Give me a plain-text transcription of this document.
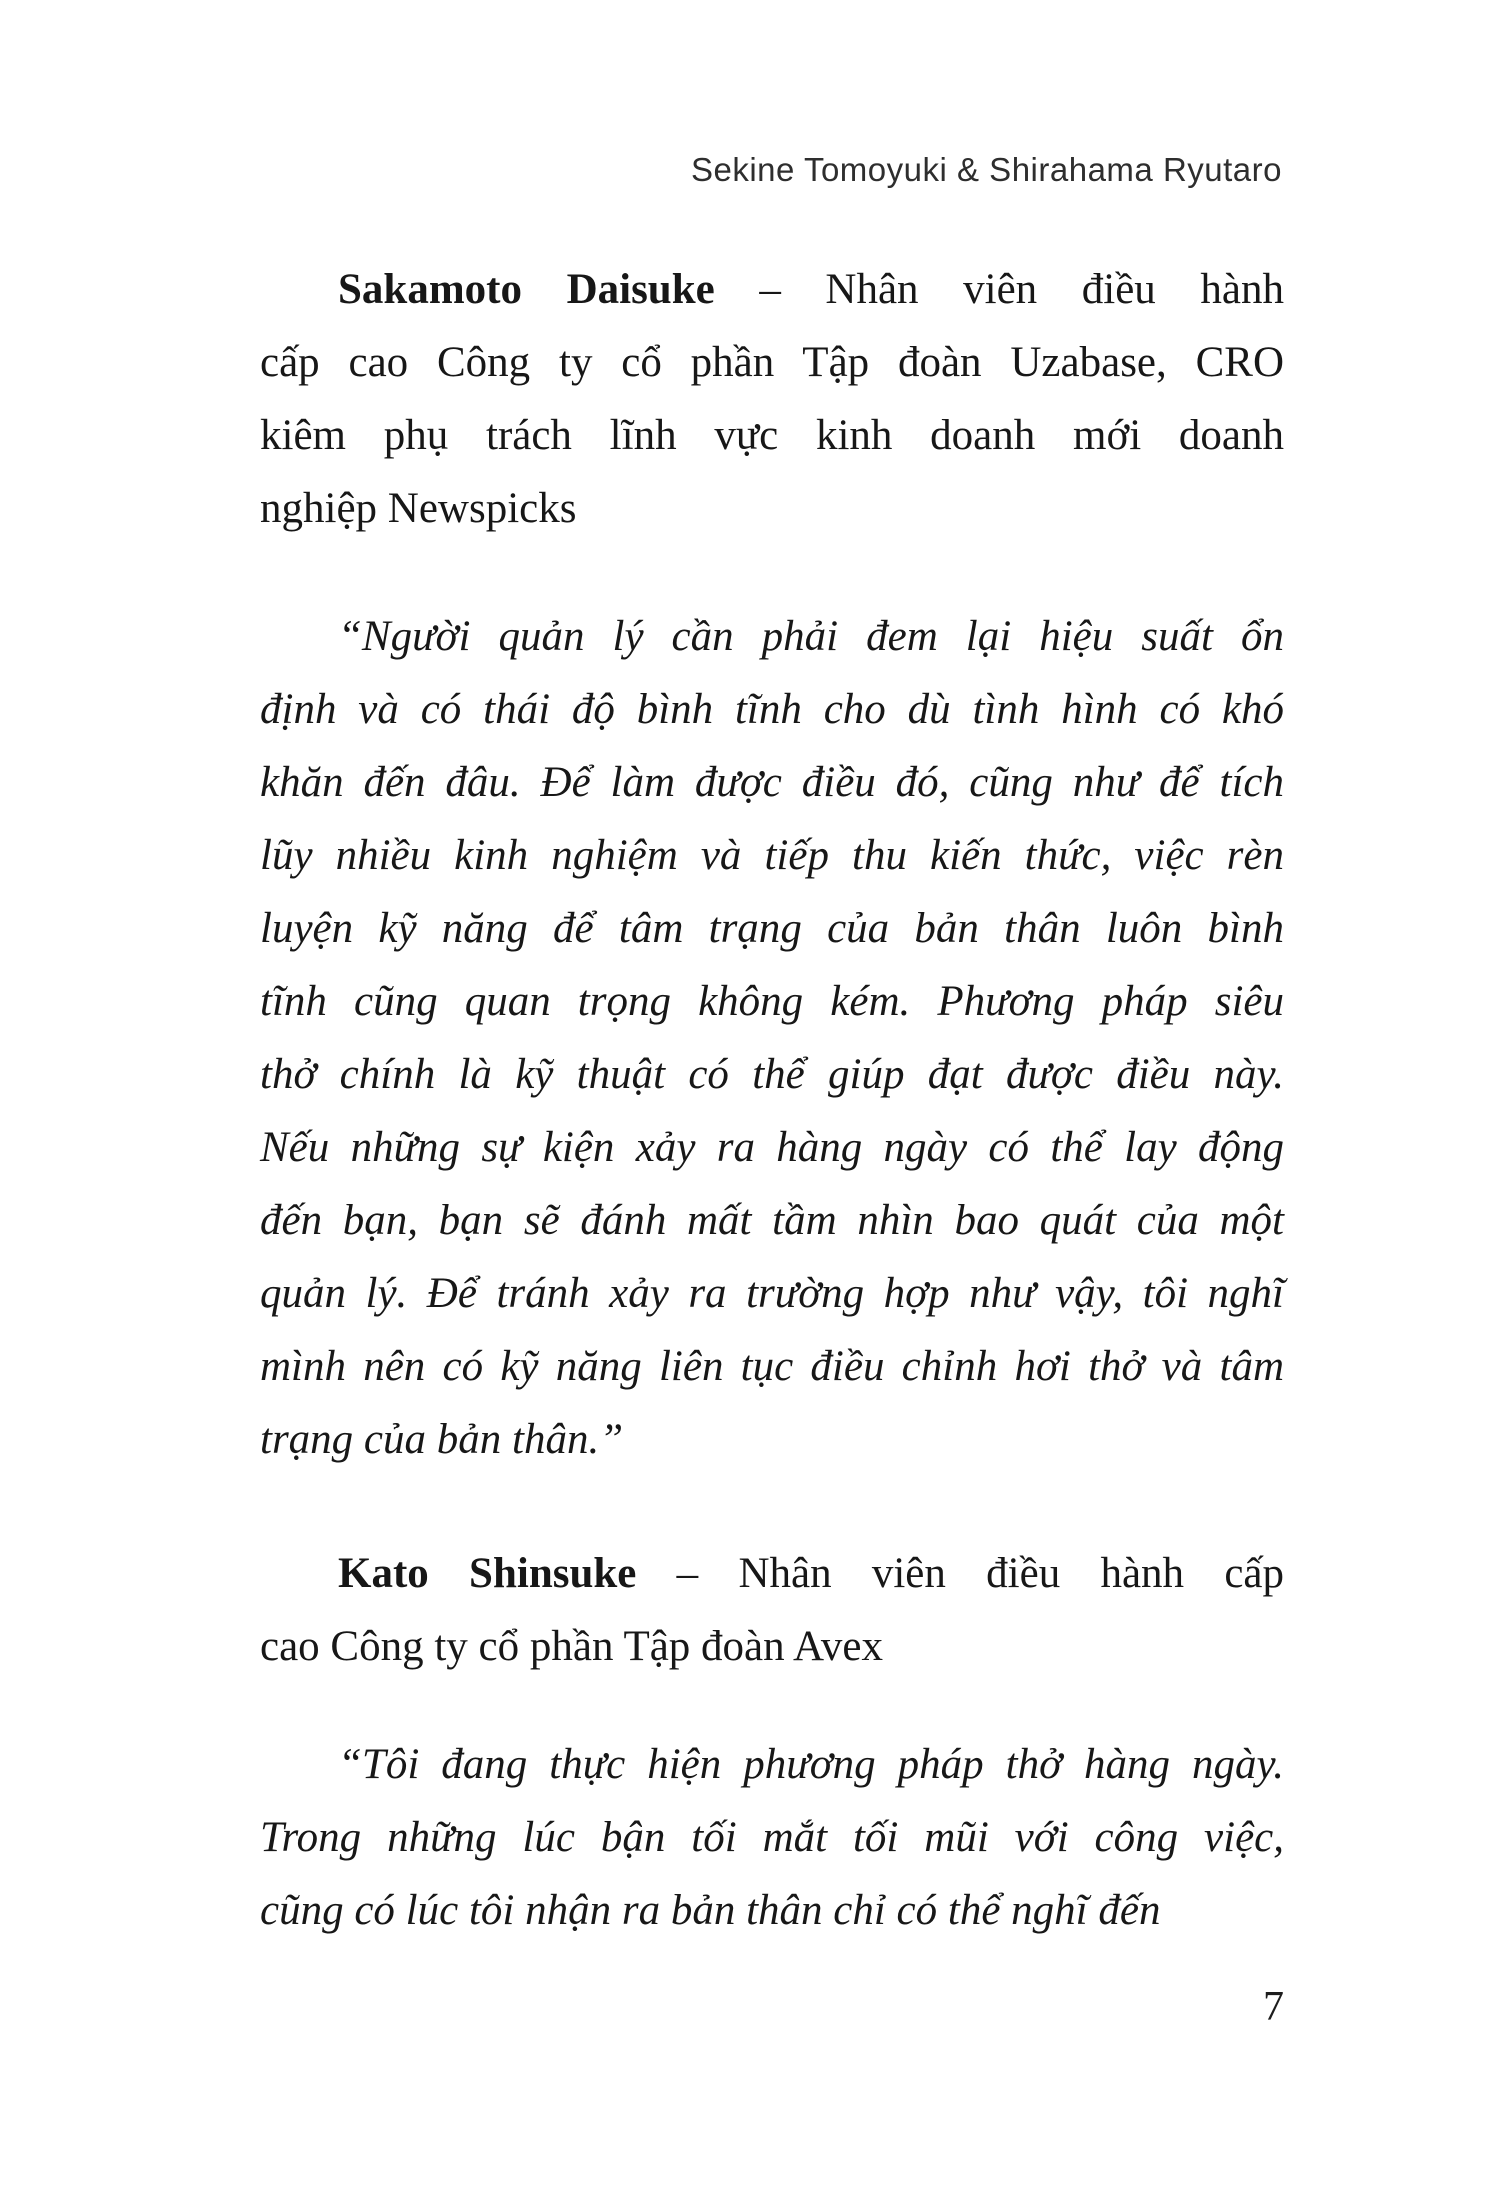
Sekine Tomoyuki & Shirahama Ryutaro
Sakamoto Daisuke – Nhân viên điều hành
cấp cao Công ty cổ phần Tập đoàn Uzabase, CRO
kiêm phụ trách lĩnh vực kinh doanh mới doanh
nghiệp Newspicks
“Người quản lý cần phải đem lại hiệu suất ổn
định và có thái độ bình tĩnh cho dù tình hình có khó
khăn đến đâu. Để làm được điều đó, cũng như để tích
lũy nhiều kinh nghiệm và tiếp thu kiến thức, việc rèn
luyện kỹ năng để tâm trạng của bản thân luôn bình
tĩnh cũng quan trọng không kém. Phương pháp siêu
thở chính là kỹ thuật có thể giúp đạt được điều này.
Nếu những sự kiện xảy ra hàng ngày có thể lay động
đến bạn, bạn sẽ đánh mất tầm nhìn bao quát của một
quản lý. Để tránh xảy ra trường hợp như vậy, tôi nghĩ
mình nên có kỹ năng liên tục điều chỉnh hơi thở và tâm
trạng của bản thân.”
Kato Shinsuke – Nhân viên điều hành cấp
cao Công ty cổ phần Tập đoàn Avex
“Tôi đang thực hiện phương pháp thở hàng ngày.
Trong những lúc bận tối mắt tối mũi với công việc,
cũng có lúc tôi nhận ra bản thân chỉ có thể nghĩ đến
7
